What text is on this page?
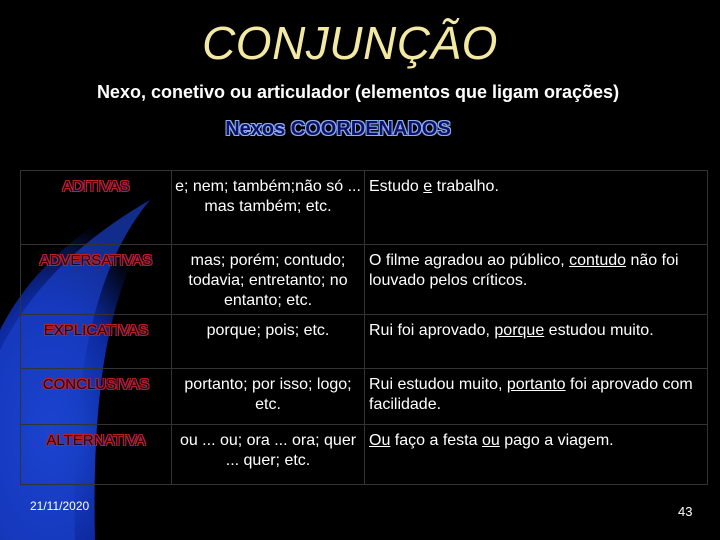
CONJUNÇÃO
Nexo, conetivo ou articulador (elementos que ligam orações)
Nexos COORDENADOS
ADITIVAS	e; nem; também;não só ... mas também; etc.	Estudo e trabalho.
ADVERSATIVAS	mas; porém; contudo; todavia; entretanto; no entanto; etc.	O filme agradou ao público, contudo não foi louvado pelos críticos.
EXPLICATIVAS	porque; pois; etc.	Rui foi aprovado, porque estudou muito.
CONCLUSIVAS	portanto; por isso; logo; etc.	Rui estudou muito, portanto foi aprovado com facilidade.
ALTERNATIVA	ou ... ou; ora ... ora; quer ... quer; etc.	Ou faço a festa ou pago a viagem.
21/11/2020	43
